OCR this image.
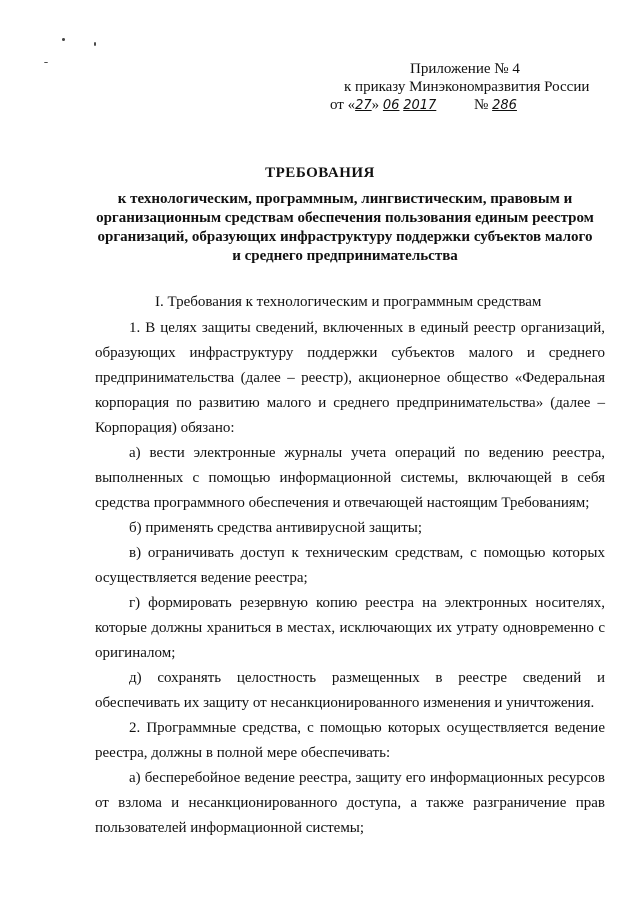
Приложение № 4
к приказу Минэкономразвития России
от «27» 06 2017	№ 286
ТРЕБОВАНИЯ
к технологическим, программным, лингвистическим, правовым и организационным средствам обеспечения пользования единым реестром организаций, образующих инфраструктуру поддержки субъектов малого и среднего предпринимательства

I. Требования к технологическим и программным средствам

1. В целях защиты сведений, включенных в единый реестр организаций, образующих инфраструктуру поддержки субъектов малого и среднего предпринимательства (далее – реестр), акционерное общество «Федеральная корпорация по развитию малого и среднего предпринимательства» (далее – Корпорация) обязано:

а) вести электронные журналы учета операций по ведению реестра, выполненных с помощью информационной системы, включающей в себя средства программного обеспечения и отвечающей настоящим Требованиям;

б) применять средства антивирусной защиты;

в) ограничивать доступ к техническим средствам, с помощью которых осуществляется ведение реестра;

г) формировать резервную копию реестра на электронных носителях, которые должны храниться в местах, исключающих их утрату одновременно с оригиналом;

д) сохранять целостность размещенных в реестре сведений и обеспечивать их защиту от несанкционированного изменения и уничтожения.

2. Программные средства, с помощью которых осуществляется ведение реестра, должны в полной мере обеспечивать:

а) бесперебойное ведение реестра, защиту его информационных ресурсов от взлома и несанкционированного доступа, а также разграничение прав пользователей информационной системы;
